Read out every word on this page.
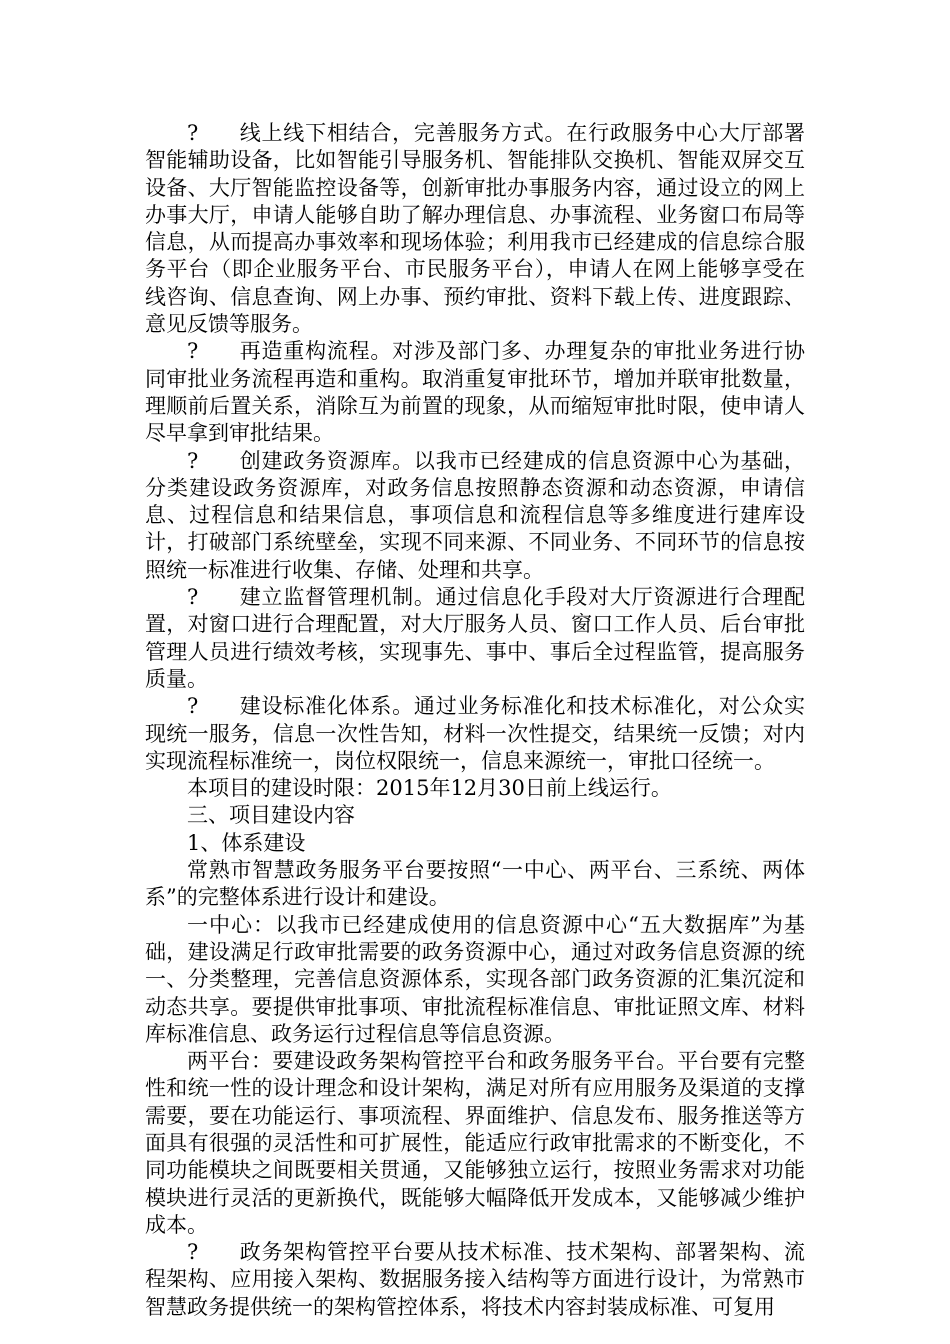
? 线上线下相结合，完善服务方式。在行政服务中心大厅部署智能辅助设备，比如智能引导服务机、智能排队交换机、智能双屏交互设备、大厅智能监控设备等，创新审批办事服务内容，通过设立的网上办事大厅，申请人能够自助了解办理信息、办事流程、业务窗口布局等信息，从而提高办事效率和现场体验；利用我市已经建成的信息综合服务平台（即企业服务平台、市民服务平台），申请人在网上能够享受在线咨询、信息查询、网上办事、预约审批、资料下载上传、进度跟踪、意见反馈等服务。

? 再造重构流程。对涉及部门多、办理复杂的审批业务进行协同审批业务流程再造和重构。取消重复审批环节，增加并联审批数量，理顺前后置关系，消除互为前置的现象，从而缩短审批时限，使申请人尽早拿到审批结果。

? 创建政务资源库。以我市已经建成的信息资源中心为基础，分类建设政务资源库，对政务信息按照静态资源和动态资源，申请信息、过程信息和结果信息，事项信息和流程信息等多维度进行建库设计，打破部门系统壁垒，实现不同来源、不同业务、不同环节的信息按照统一标准进行收集、存储、处理和共享。

? 建立监督管理机制。通过信息化手段对大厅资源进行合理配置，对窗口进行合理配置，对大厅服务人员、窗口工作人员、后台审批管理人员进行绩效考核，实现事先、事中、事后全过程监管，提高服务质量。

? 建设标准化体系。通过业务标准化和技术标准化，对公众实现统一服务，信息一次性告知，材料一次性提交，结果统一反馈；对内实现流程标准统一，岗位权限统一，信息来源统一，审批口径统一。

本项目的建设时限：2015年12月30日前上线运行。

三、项目建设内容

1、体系建设

常熟市智慧政务服务平台要按照“一中心、两平台、三系统、两体系”的完整体系进行设计和建设。

一中心：以我市已经建成使用的信息资源中心“五大数据库”为基础，建设满足行政审批需要的政务资源中心，通过对政务信息资源的统一、分类整理，完善信息资源体系，实现各部门政务资源的汇集沉淀和动态共享。要提供审批事项、审批流程标准信息、审批证照文库、材料库标准信息、政务运行过程信息等信息资源。

两平台：要建设政务架构管控平台和政务服务平台。平台要有完整性和统一性的设计理念和设计架构，满足对所有应用服务及渠道的支撑需要，要在功能运行、事项流程、界面维护、信息发布、服务推送等方面具有很强的灵活性和可扩展性，能适应行政审批需求的不断变化，不同功能模块之间既要相关贯通，又能够独立运行，按照业务需求对功能模块进行灵活的更新换代，既能够大幅降低开发成本，又能够减少维护成本。

? 政务架构管控平台要从技术标准、技术架构、部署架构、流程架构、应用接入架构、数据服务接入结构等方面进行设计，为常熟市智慧政务提供统一的架构管控体系，将技术内容封装成标准、可复用
